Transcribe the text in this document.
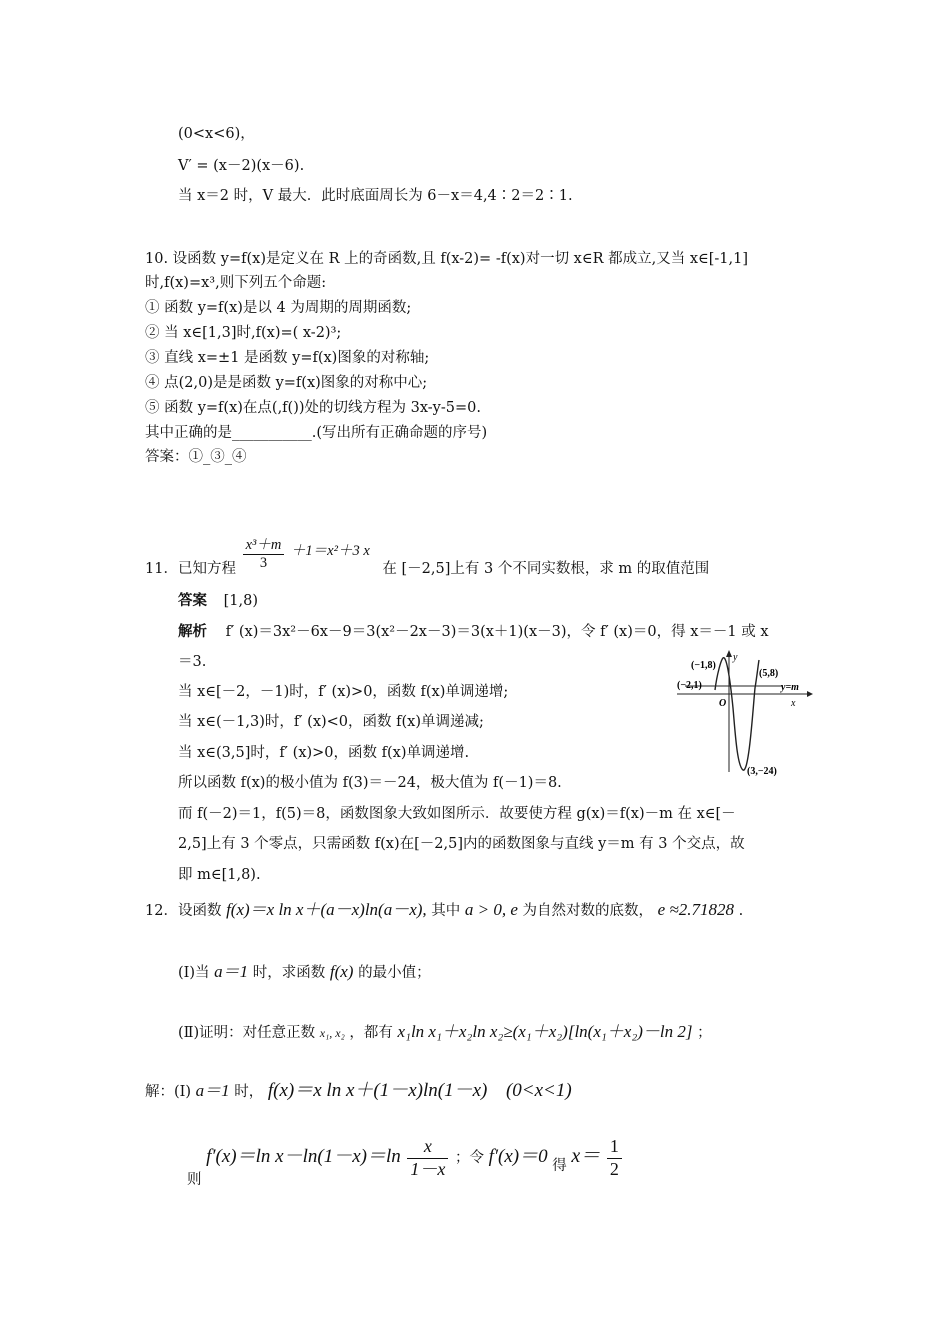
(0<x<6)，
V′ = (x－2)(x－6).
当 x＝2 时，V 最大．此时底面周长为 6－x＝4,4∶2＝2∶1.
10. 设函数 y=f(x)是定义在 R 上的奇函数,且 f(x-2)= -f(x)对一切 x∈R 都成立,又当 x∈[-1,1]
时,f(x)=x³,则下列五个命题:
① 函数 y=f(x)是以 4 为周期的周期函数;
② 当 x∈[1,3]时,f(x)=( x-2)³;
③ 直线 x=±1 是函数 y=f(x)图象的对称轴;
④ 点(2,0)是是函数 y=f(x)图象的对称中心;
⑤ 函数 y=f(x)在点(,f())处的切线方程为 3x-y-5=0.
其中正确的是___________.(写出所有正确命题的序号)
答案：①_③_④
11．已知方程 $\frac{\text{x³＋m}}{3} +1=x^2+3$ x 在 [－2,5]上有 3 个不同实数根，求 m 的取值范围
答案 [1,8)
解析 f′ (x)＝3x²－6x－9＝3(x²－2x－3)＝3(x＋1)(x－3)，令 f′ (x)＝0，得 x＝－1 或 x
＝3.
当 x∈[－2，－1)时，f′ (x)>0，函数 f(x)单调递增;
当 x∈(－1,3)时，f′ (x)<0，函数 f(x)单调递减;
当 x∈(3,5]时，f′ (x)>0，函数 f(x)单调递增.
所以函数 f(x)的极小值为 f(3)＝－24，极大值为 f(－1)＝8.
而 f(－2)＝1，f(5)＝8，函数图象大致如图所示．故要使方程 g(x)＝f(x)－m 在 x∈[－
2,5]上有 3 个零点，只需函数 f(x)在[－2,5]内的函数图象与直线 y＝m 有 3 个交点，故
即 m∈[1,8).
(−1,8)
y
(5,8)
(−2,1)	y=m
O	x
(3,−24)
12．设函数 f(x)＝x ln x＋(a－x)ln(a－x), 其中 a > 0, e 为自然对数的底数， e ≈2.71828 .
(Ⅰ)当 a＝1 时，求函数 f(x) 的最小值；
(Ⅱ)证明：对任意正数 x₁, x₂ ，都有 x₁ln x₁＋x₂ln x₂≥(x₁＋x₂)[ln(x₁＋x₂)－ln 2] ；
解：(Ⅰ) a＝1 时， f(x)＝x ln x＋(1－x)ln(1－x) (0<x<1)
则 f′(x)＝ln $x-\ln(1-x)=\ln \frac{x}{1-x}$ ；令 f′(x)＝0 得 $x= \frac{1}{2}$
